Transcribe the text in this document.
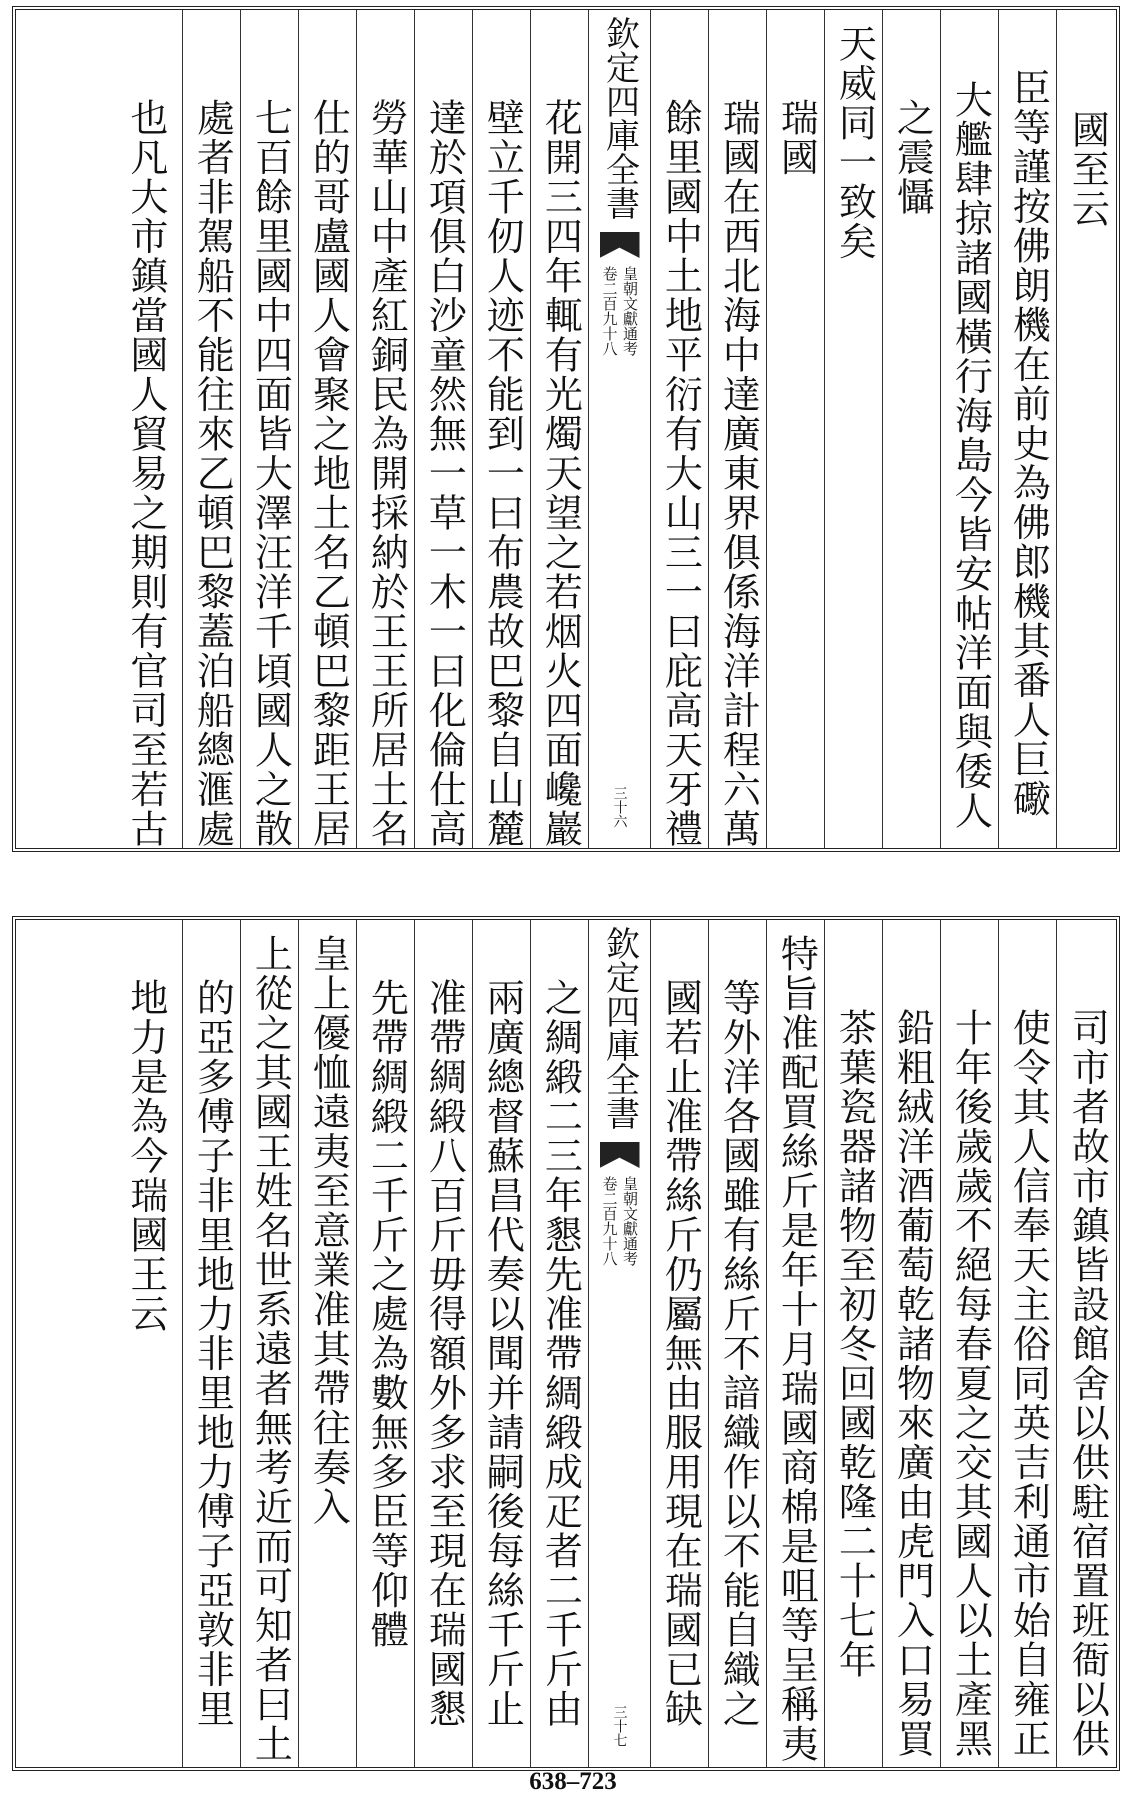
國至云
臣等謹按佛朗機在前史為佛郎機其番人巨礮
大艦肆掠諸國橫行海島今皆安帖洋面與倭人
之震懾
天威同一致矣
瑞國
瑞國在西北海中達廣東界俱係海洋計程六萬
餘里國中土地平衍有大山三一曰庇高天牙禮
欽定四庫全書
皇朝文獻通考
卷二百九十八
三十六
花開三四年輒有光燭天望之若烟火四面巉巖
壁立千仞人迹不能到一曰布農故巴黎自山麓
達於項俱白沙童然無一草一木一曰化倫仕高
勞華山中產紅銅民為開採納於王王所居土名
仕的哥盧國人會聚之地土名乙頓巴黎距王居
七百餘里國中四面皆大澤汪洋千頃國人之散
處者非駕船不能往來乙頓巴黎蓋泊船總滙處
也凡大市鎮當國人貿易之期則有官司至若古
司市者故市鎮皆設館舍以供駐宿置班衙以供
使令其人信奉天主俗同英吉利通市始自雍正
十年後歲歲不絕每春夏之交其國人以土產黑
鉛粗絨洋酒葡萄乾諸物來廣由虎門入口易買
茶葉瓷器諸物至初冬回國乾隆二十七年
特旨准配買絲斤是年十月瑞國商棉是咀等呈稱夷
等外洋各國雖有絲斤不諳織作以不能自織之
國若止准帶絲斤仍屬無由服用現在瑞國已缺
欽定四庫全書
皇朝文獻通考
卷二百九十八
三十七
之綢緞二三年懇先准帶綢緞成疋者二千斤由
兩廣總督蘇昌代奏以聞并請嗣後每絲千斤止
准帶綢緞八百斤毋得額外多求至現在瑞國懇
先帶綢緞二千斤之處為數無多臣等仰體
皇上優恤遠夷至意業准其帶往奏入
上從之其國王姓名世系遠者無考近而可知者曰土
的亞多傅子非里地力非里地力傅子亞敦非里
地力是為今瑞國王云
638–723
